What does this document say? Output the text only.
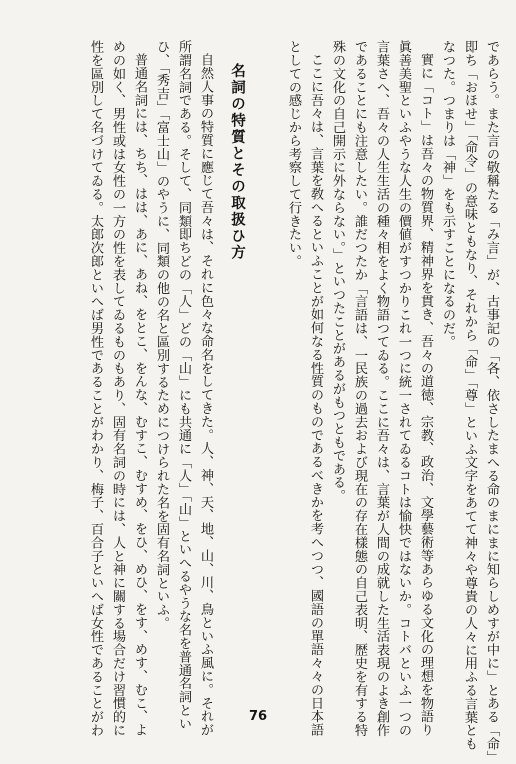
であらう。また言の敬稱たる「み言」が、古事記の「各、依さしたまへる命のまにまに知らしめすが中に」とある「命」
即ち「おほせ」「命令」の意味ともなり、それから「命」「尊」といふ文字をあてて神々や尊貴の人々に用ふる言葉とも
なつた。つまりは「神」をも示すことになるのだ。
實に「コト」は吾々の物質界、精神界を貫き、吾々の道徳、宗教、政治、文學藝術等あらゆる文化の理想を物語り
眞善美聖といふやうな人生の價値がすつかりこれ一つに統一されてゐるコトは愉快ではないか。コトバといふ一つの
言葉さへ、吾々の人生生活の種々相をよく物語つてゐる。ここに吾々は、言葉が人間の成就した生活表現のよき創作
であることにも注意したい。誰だつたか「言語は、一民族の過去および現在の存在樣態の自己表明、歴史を有する特
殊の文化の自己開示に外ならない。」といつたことがあるがもつともである。
ここに吾々は、言葉を敎へるといふことが如何なる性質のものであるべきかを考へつつ、國語の單語々々の日本語
としての感じから考察して行きたい。
名詞の特質とその取扱ひ方
自然人事の特質に應じて吾々は、それに色々な命名をしてきた。人、神、天、地、山、川、鳥といふ風に。それが
所謂名詞である。そして、同類即ちどの「人」どの「山」にも共通に「人」「山」といへるやうな名を普通名詞とい
ひ、「秀吉」「富士山」のやうに、同類の他の名と區別するためにつけられた名を固有名詞といふ。
普通名詞には、ちち、はは、あに、あね、をとこ、をんな、むすこ、むすめ、をひ、めひ、をす、めす、むこ、よ
めの如く、男性或は女性の一方の性を表してゐるものもあり、固有名詞の時には、人と神に關する場合だけ習慣的に
性を區別して名づけてゐる。太郎次郎といへば男性であることがわかり、梅子、百合子といへば女性であることがわ	76
